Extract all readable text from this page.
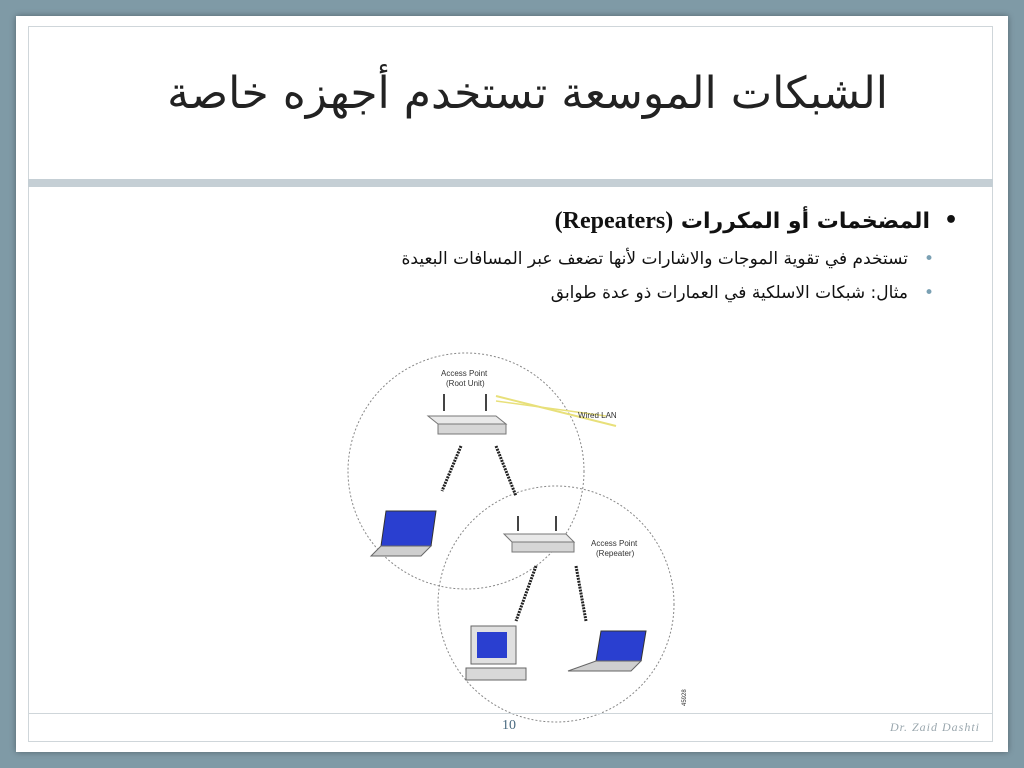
الشبكات الموسعة تستخدم أجهزه خاصة
• المضخمات أو المكررات (Repeaters)
• تستخدم في تقوية الموجات والاشارات لأنها تضعف عبر المسافات البعيدة
• مثال: شبكات الاسلكية في العمارات ذو عدة طوابق
Wired LAN
Access Point
(Root Unit)
Access Point
(Repeater)
45928
10	Dr. Zaid Dashti
